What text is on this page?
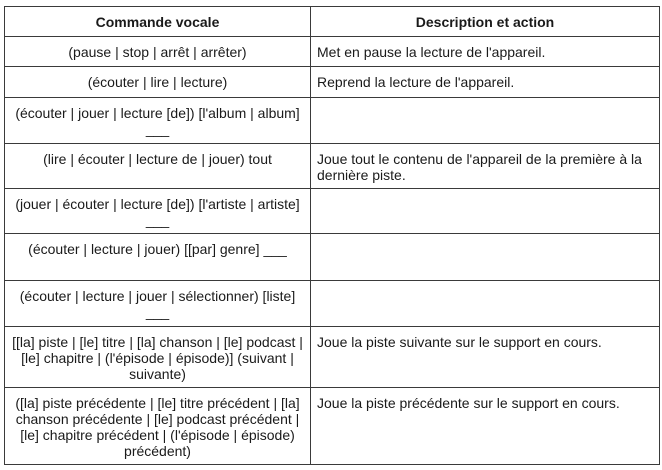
Commande vocale	Description et action
(pause | stop | arrêt | arrêter)	Met en pause la lecture de l'appareil.
(écouter | lire | lecture)	Reprend la lecture de l'appareil.
(écouter | jouer | lecture [de]) [l'album | album] ___	
(lire | écouter | lecture de | jouer) tout	Joue tout le contenu de l'appareil de la première à la dernière piste.
(jouer | écouter | lecture [de]) [l'artiste | artiste] ___	
(écouter | lecture | jouer) [[par] genre] ___	
(écouter | lecture | jouer | sélectionner) [liste] ___	
[[la] piste | [le] titre | [la] chanson | [le] podcast | [le] chapitre | (l'épisode | épisode)] (suivant | suivante)	Joue la piste suivante sur le support en cours.
([la] piste précédente | [le] titre précédent | [la] chanson précédente | [le] podcast précédent | [le] chapitre précédent | (l'épisode | épisode) précédent)	Joue la piste précédente sur le support en cours.
